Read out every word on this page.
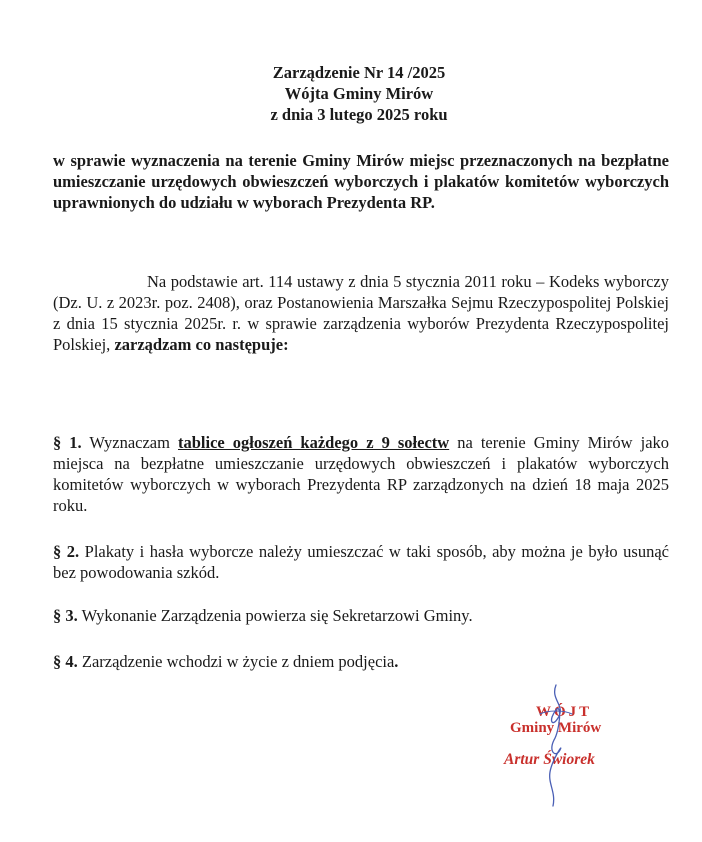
Zarządzenie Nr 14 /2025
Wójta Gminy Mirów
z dnia 3 lutego 2025 roku
w sprawie wyznaczenia na terenie Gminy Mirów miejsc przeznaczonych na bezpłatne umieszczanie urzędowych obwieszczeń wyborczych i plakatów komitetów wyborczych uprawnionych do udziału w wyborach Prezydenta RP.
Na podstawie art. 114 ustawy z dnia 5 stycznia 2011 roku – Kodeks wyborczy (Dz. U. z 2023r. poz. 2408), oraz Postanowienia Marszałka Sejmu Rzeczypospolitej Polskiej z dnia 15 stycznia 2025r. r. w sprawie zarządzenia wyborów Prezydenta Rzeczypospolitej Polskiej, zarządzam co następuje:
§ 1. Wyznaczam tablice ogłoszeń każdego z 9 sołectw na terenie Gminy Mirów jako miejsca na bezpłatne umieszczanie urzędowych obwieszczeń i plakatów wyborczych komitetów wyborczych w wyborach Prezydenta RP zarządzonych na dzień 18 maja 2025 roku.
§ 2. Plakaty i hasła wyborcze należy umieszczać w taki sposób, aby można je było usunąć bez powodowania szkód.
§ 3. Wykonanie Zarządzenia powierza się Sekretarzowi Gminy.
§ 4. Zarządzenie wchodzi w życie z dniem podjęcia.
WÓJT
Gminy Mirów
Artur Świorek
